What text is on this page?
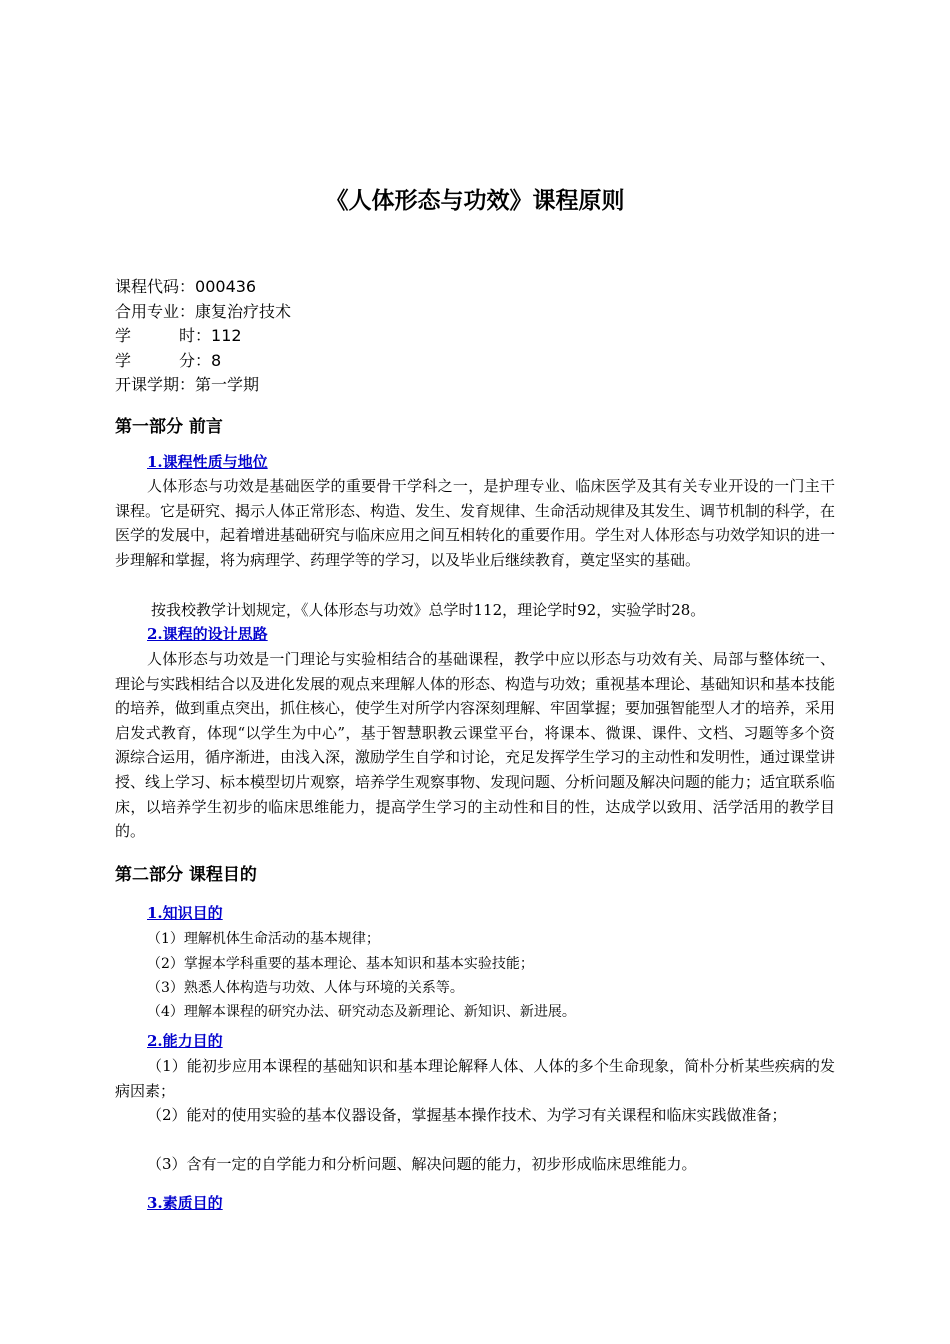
《人体形态与功效》课程原则
课程代码：000436
合用专业：康复治疗技术
学	时 ：112
学	分 ：8
开课学期：第一学期
第一部分 前言
1.课程性质与地位

人体形态与功效是基础医学的重要骨干学科之一，是护理专业、临床医学及其有关专业开设的一门主干课程。它是研究、揭示人体正常形态、构造、发生、发育规律、生命活动规律及其发生、调节机制的科学，在医学的发展中，起着增进基础研究与临床应用之间互相转化的重要作用。学生对人体形态与功效学知识的进一步理解和掌握，将为病理学、药理学等的学习，以及毕业后继续教育，奠定坚实的基础。

按我校教学计划规定，《人体形态与功效》总学时112，理论学时92，实验学时28。

2.课程的设计思路

人体形态与功效是一门理论与实验相结合的基础课程，教学中应以形态与功效有关、局部与整体统一、理论与实践相结合以及进化发展的观点来理解人体的形态、构造与功效；重视基本理论、基础知识和基本技能的培养，做到重点突出，抓住核心，使学生对所学内容深刻理解、牢固掌握；要加强智能型人才的培养，采用启发式教育，体现“以学生为中心”，基于智慧职教云课堂平台，将课本、微课、课件、文档、习题等多个资源综合运用，循序渐进，由浅入深，激励学生自学和讨论，充足发挥学生学习的主动性和发明性，通过课堂讲授、线上学习、标本模型切片观察，培养学生观察事物、发现问题、分析问题及解决问题的能力；适宜联系临床，以培养学生初步的临床思维能力，提高学生学习的主动性和目的性，达成学以致用、活学活用的教学目的。

第二部分 课程目的
1.知识目的

（1）理解机体生命活动的基本规律；

（2）掌握本学科重要的基本理论、基本知识和基本实验技能；

（3）熟悉人体构造与功效、人体与环境的关系等。

（4）理解本课程的研究办法、研究动态及新理论、新知识、新进展。

2.能力目的

（1）能初步应用本课程的基础知识和基本理论解释人体、人体的多个生命现象，简朴分析某些疾病的发病因素；

（2）能对的使用实验的基本仪器设备，掌握基本操作技术、为学习有关课程和临床实践做准备；

（3）含有一定的自学能力和分析问题、解决问题的能力，初步形成临床思维能力。

3.素质目的
